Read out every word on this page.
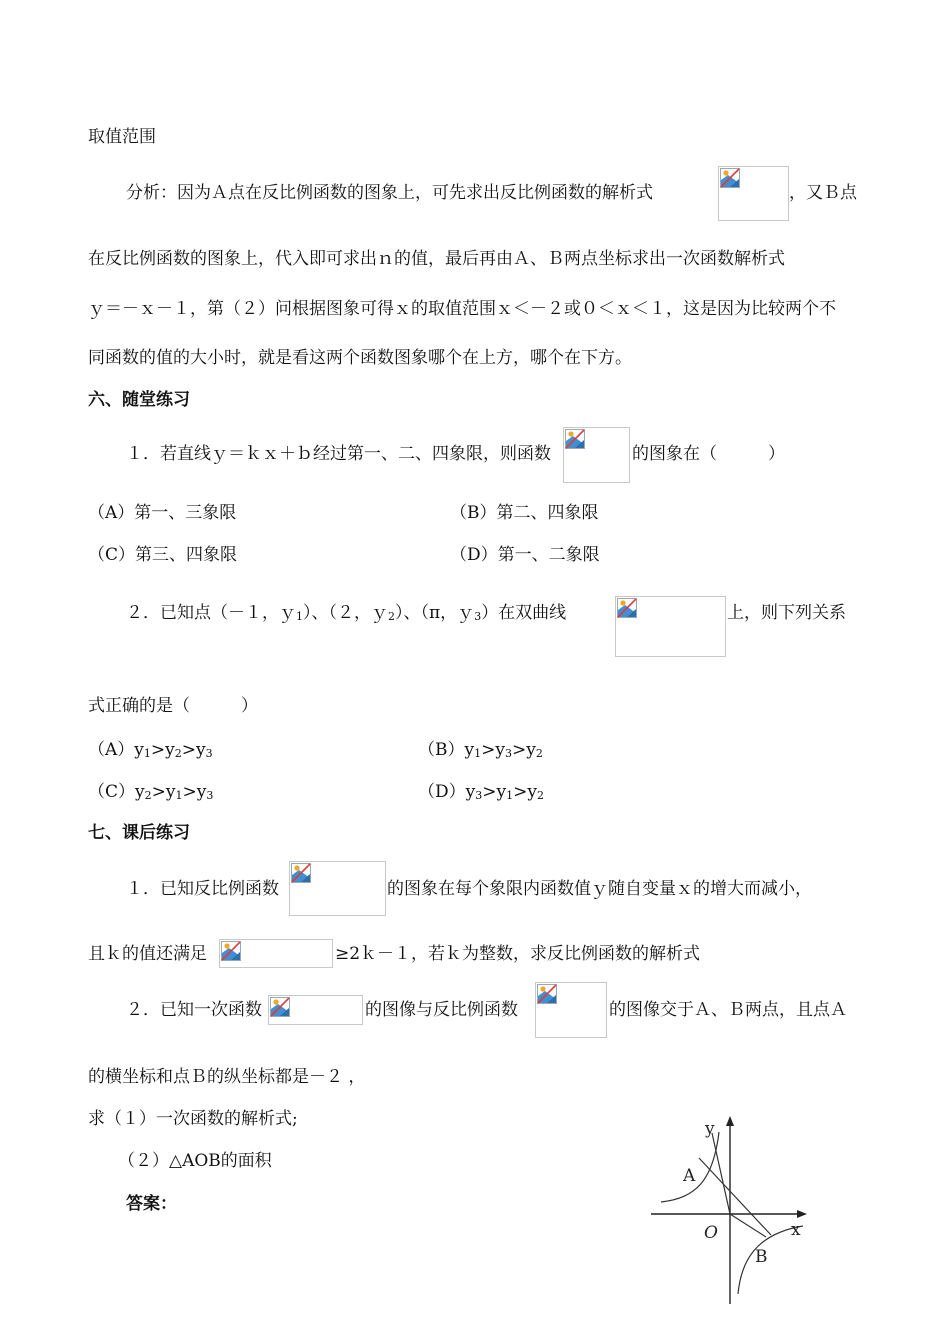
取值范围
分析：因为Ａ点在反比例函数的图象上，可先求出反比例函数的解析式	，又Ｂ点
在反比例函数的图象上，代入即可求出ｎ的值，最后再由Ａ、Ｂ两点坐标求出一次函数解析式
ｙ＝－ｘ－１，第（２）问根据图象可得ｘ的取值范围ｘ＜－２或０＜ｘ＜１，这是因为比较两个不
同函数的值的大小时，就是看这两个函数图象哪个在上方，哪个在下方。
六、随堂练习
１．若直线ｙ＝ｋｘ＋ｂ经过第一、二、四象限，则函数	的图象在（　　　）
（A）第一、三象限	（B）第二、四象限
（C）第三、四象限	（D）第一、二象限
２．已知点（－１，ｙ$_1$）、（２，ｙ$_2$）、（π，ｙ$_3$）在双曲线	上，则下列关系
式正确的是（　　　）
$(A)y_1>y_2>y_3$	$(B)y_1>y_3>y_2$
$(C)y_2>y_1>y_3$	$(D)y_3>y_1>y_2$
七、课后练习
１．已知反比例函数	的图象在每个象限内函数值ｙ随自变量ｘ的增大而减小，
且ｋ的值还满足	≥2ｋ－１，若ｋ为整数，求反比例函数的解析式
２．已知一次函数	的图像与反比例函数	的图像交于Ａ、Ｂ两点，且点Ａ
的横坐标和点Ｂ的纵坐标都是－２ ，
求（１）一次函数的解析式;
（２）△AOB的面积
答案：
y
x
O
A
B
